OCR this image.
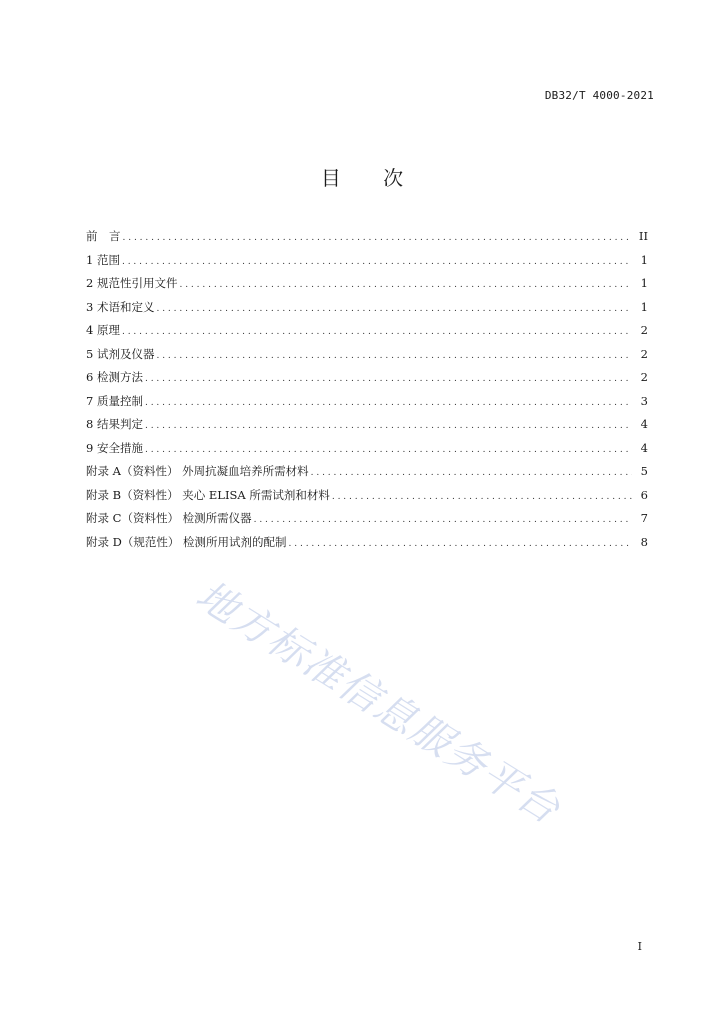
DB32/T 4000-2021
目 次
前　言 . . .	II
1 范围 . . .	1
2 规范性引用文件 . . .	1
3 术语和定义 . . .	1
4 原理 . . .	2
5 试剂及仪器 . . .	2
6 检测方法 . . .	2
7 质量控制 . . .	3
8 结果判定 . . .	4
9 安全措施 . . .	4
附录 A（资料性） 外周抗凝血培养所需材料 . . .	5
附录 B（资料性） 夹心 ELISA 所需试剂和材料 . . .	6
附录 C（资料性） 检测所需仪器 . . .	7
附录 D（规范性） 检测所用试剂的配制 . . .	8
地方标准信息服务平台
I
